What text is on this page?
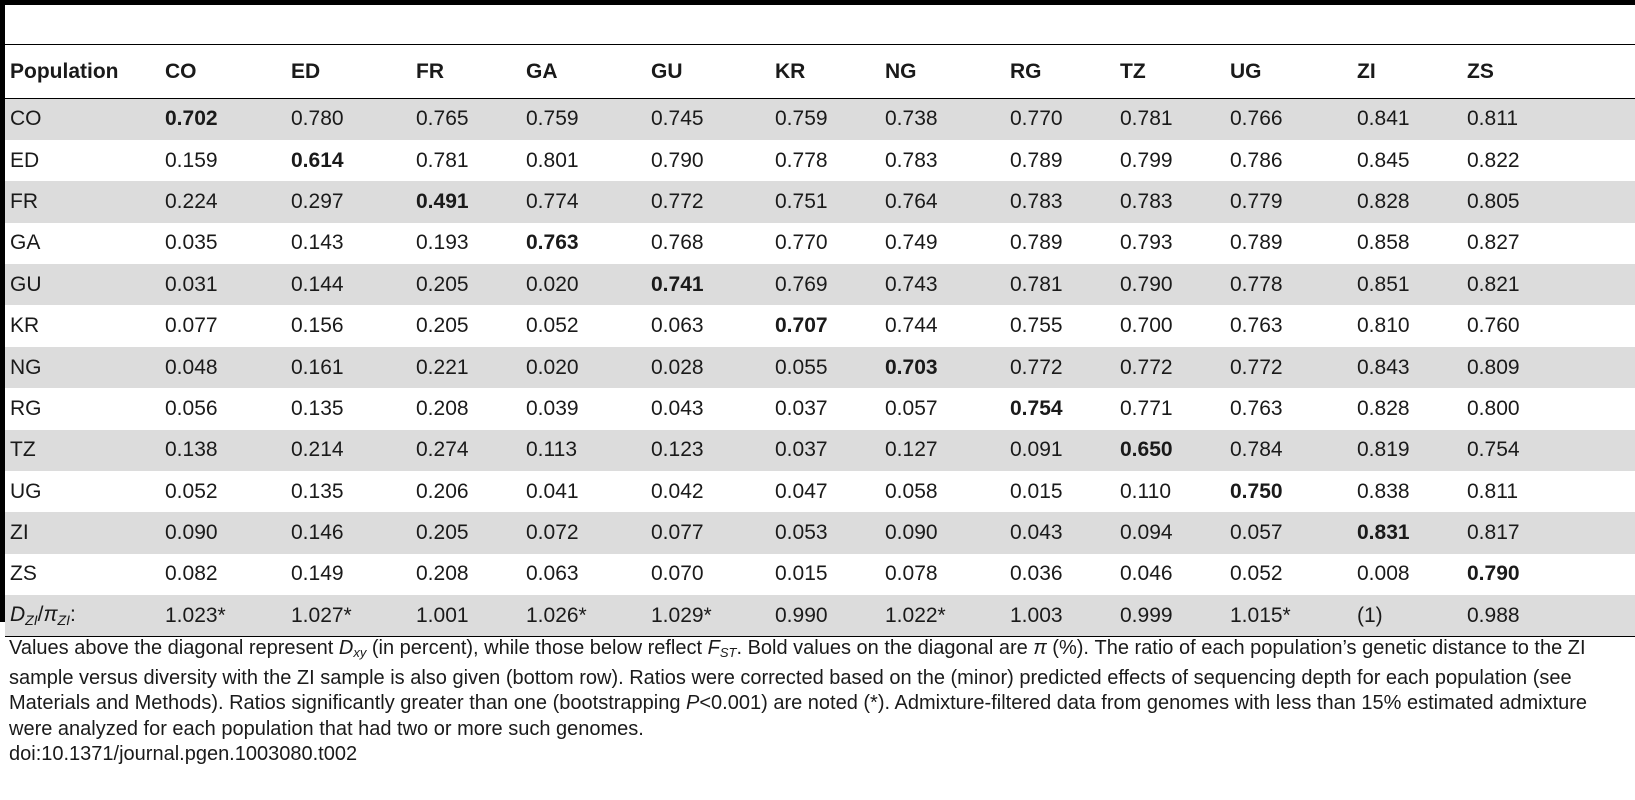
Population	CO	ED	FR	GA	GU	KR	NG	RG	TZ	UG	ZI	ZS
CO	0.702	0.780	0.765	0.759	0.745	0.759	0.738	0.770	0.781	0.766	0.841	0.811
ED	0.159	0.614	0.781	0.801	0.790	0.778	0.783	0.789	0.799	0.786	0.845	0.822
FR	0.224	0.297	0.491	0.774	0.772	0.751	0.764	0.783	0.783	0.779	0.828	0.805
GA	0.035	0.143	0.193	0.763	0.768	0.770	0.749	0.789	0.793	0.789	0.858	0.827
GU	0.031	0.144	0.205	0.020	0.741	0.769	0.743	0.781	0.790	0.778	0.851	0.821
KR	0.077	0.156	0.205	0.052	0.063	0.707	0.744	0.755	0.700	0.763	0.810	0.760
NG	0.048	0.161	0.221	0.020	0.028	0.055	0.703	0.772	0.772	0.772	0.843	0.809
RG	0.056	0.135	0.208	0.039	0.043	0.037	0.057	0.754	0.771	0.763	0.828	0.800
TZ	0.138	0.214	0.274	0.113	0.123	0.037	0.127	0.091	0.650	0.784	0.819	0.754
UG	0.052	0.135	0.206	0.041	0.042	0.047	0.058	0.015	0.110	0.750	0.838	0.811
ZI	0.090	0.146	0.205	0.072	0.077	0.053	0.090	0.043	0.094	0.057	0.831	0.817
ZS	0.082	0.149	0.208	0.063	0.070	0.015	0.078	0.036	0.046	0.052	0.008	0.790
$D_{ZI}/\pi_{ZI}$:	1.023*	1.027*	1.001	1.026*	1.029*	0.990	1.022*	1.003	0.999	1.015*	(1)	0.988

Values above the diagonal represent $D_{xy}$ (in percent), while those below reflect $F_{ST}$. Bold values on the diagonal are π (%). The ratio of each population’s genetic distance to the ZI sample versus diversity with the ZI sample is also given (bottom row). Ratios were corrected based on the (minor) predicted effects of sequencing depth for each population (see Materials and Methods). Ratios significantly greater than one (bootstrapping P<0.001) are noted (*). Admixture-filtered data from genomes with less than 15% estimated admixture were analyzed for each population that had two or more such genomes.

doi:10.1371/journal.pgen.1003080.t002
